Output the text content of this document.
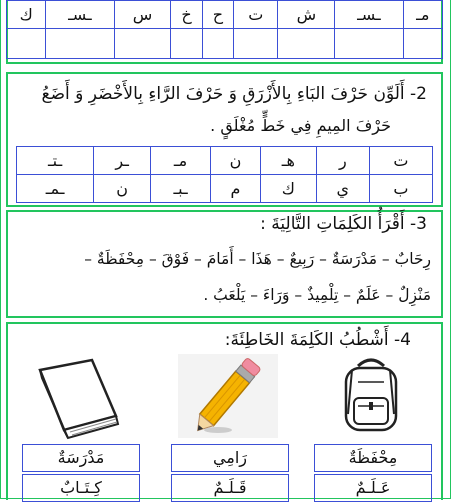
مـ	ـسـ	ش	ت	ح	خ	س	ـسـ	ك

2- أَلَوِّن حَرْفَ البَاءِ بِالأَزْرَقِ وَ حَرْفَ الرَّاءِ بِالأَخْضَرِ وَ أَضَعُ
حَرْفَ المِيمِ فِي خَطٍّ مُغْلَقٍ .
ت	ر	هـ	ن	مـ	ـر	ـتـ
ب	ي	ك	م	ـبـ	ن	ـمـ
3- أَقْرَأُ الكَلِمَاتِ التَّالِيَةَ :
رِحَابٌ – مَدْرَسَةٌ – رَبِيعٌ – هَذَا – أَمَامَ – فَوْقَ – مِحْفَظَةٌ –
مَنْزِلٌ – عَلَمٌ – تِلْمِيذٌ – وَرَاءَ – يَلْعَبُ .
4- أَشْطُبُ الكَلِمَةَ الخَاطِئَةَ:
مِحْفَظَةٌ
رَامِي
مَدْرَسَةٌ
عَـلَـمٌ
قَـلَـمٌ
كِـتَـابٌ
